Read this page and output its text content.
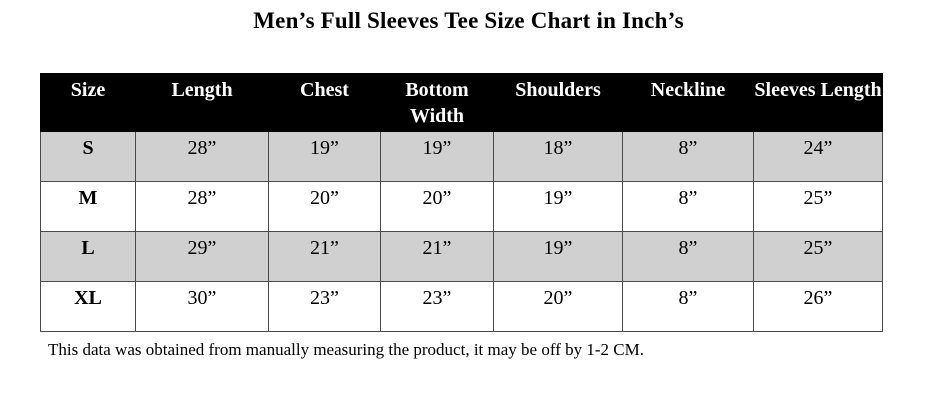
Men’s Full Sleeves Tee Size Chart in Inch’s
Size	Length	Chest	Bottom Width	Shoulders	Neckline	Sleeves Length
S	28”	19”	19”	18”	8”	24”
M	28”	20”	20”	19”	8”	25”
L	29”	21”	21”	19”	8”	25”
XL	30”	23”	23”	20”	8”	26”

This data was obtained from manually measuring the product, it may be off by 1-2 CM.
